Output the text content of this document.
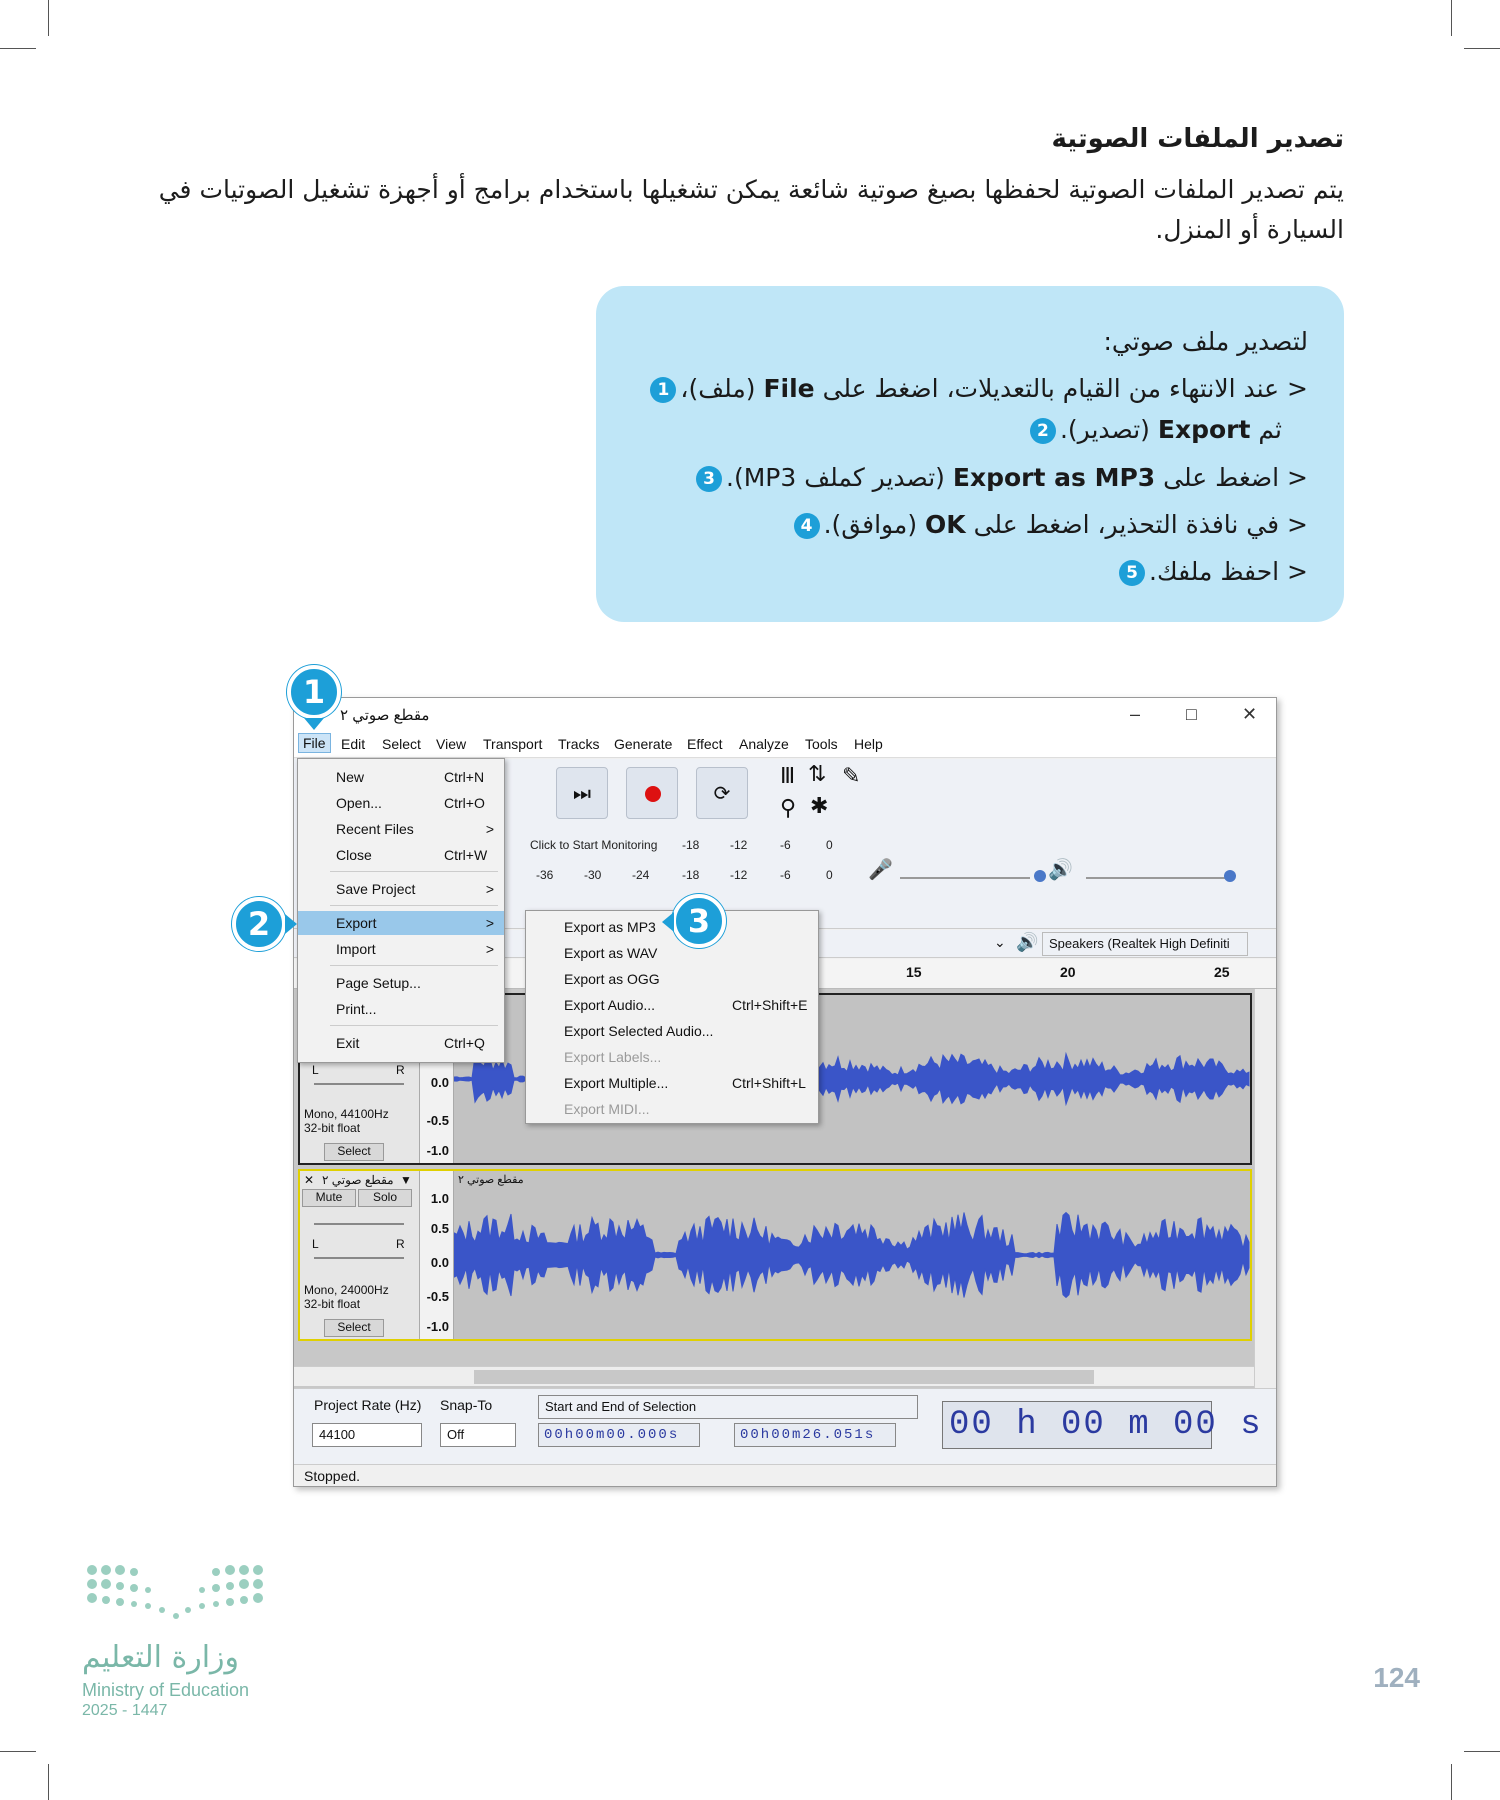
تصدير الملفات الصوتية
يتم تصدير الملفات الصوتية لحفظها بصيغ صوتية شائعة يمكن تشغيلها باستخدام برامج أو أجهزة تشغيل الصوتيات في السيارة أو المنزل.
لتصدير ملف صوتي:
< عند الانتهاء من القيام بالتعديلات، اضغط على File (ملف)،1
ثم Export (تصدير).2
< اضغط على Export as MP3 (تصدير كملف MP3).3
< في نافذة التحذير، اضغط على OK (موافق).4
< احفظ ملفك.5
مقطع صوتي ٢	–	□	✕
File	Edit Select View Transport Tracks Generate Effect Analyze Tools Help
⏭	⟳
Ⅲ ⇅ ✎
⚲ ✱
Click to Start Monitoring -18	-12	-6	0
-36	-30	-24	-18	-12	-6	0 🎤	🔊
⌄ 🔊 Speakers (Realtek High Definiti
15	20	25
L	R
Mono, 44100Hz
32-bit float
Select
0.0
-0.5
-1.0
✕ مقطع صوتي ٢ ▼
Mute	Solo
L	R
Mono, 24000Hz
32-bit float
Select
1.0
0.5
0.0
-0.5
-1.0
مقطع صوتي ٢
Project Rate (Hz)
44100
Snap-To
Off
Start and End of Selection
00h00m00.000s	00h00m26.051s	00 h 00 m 00 s
Stopped.
New	Ctrl+N
Open...	Ctrl+O
Recent Files	>
Close	Ctrl+W
Save Project	>
Export	>
Import	>
Page Setup...
Print...
Exit	Ctrl+Q
Export as MP3
Export as WAV
Export as OGG
Export Audio...	Ctrl+Shift+E
Export Selected Audio...
Export Labels...
Export Multiple...	Ctrl+Shift+L
Export MIDI...
1
2	3
وزارة التعليم
Ministry of Education
2025 - 1447
124
